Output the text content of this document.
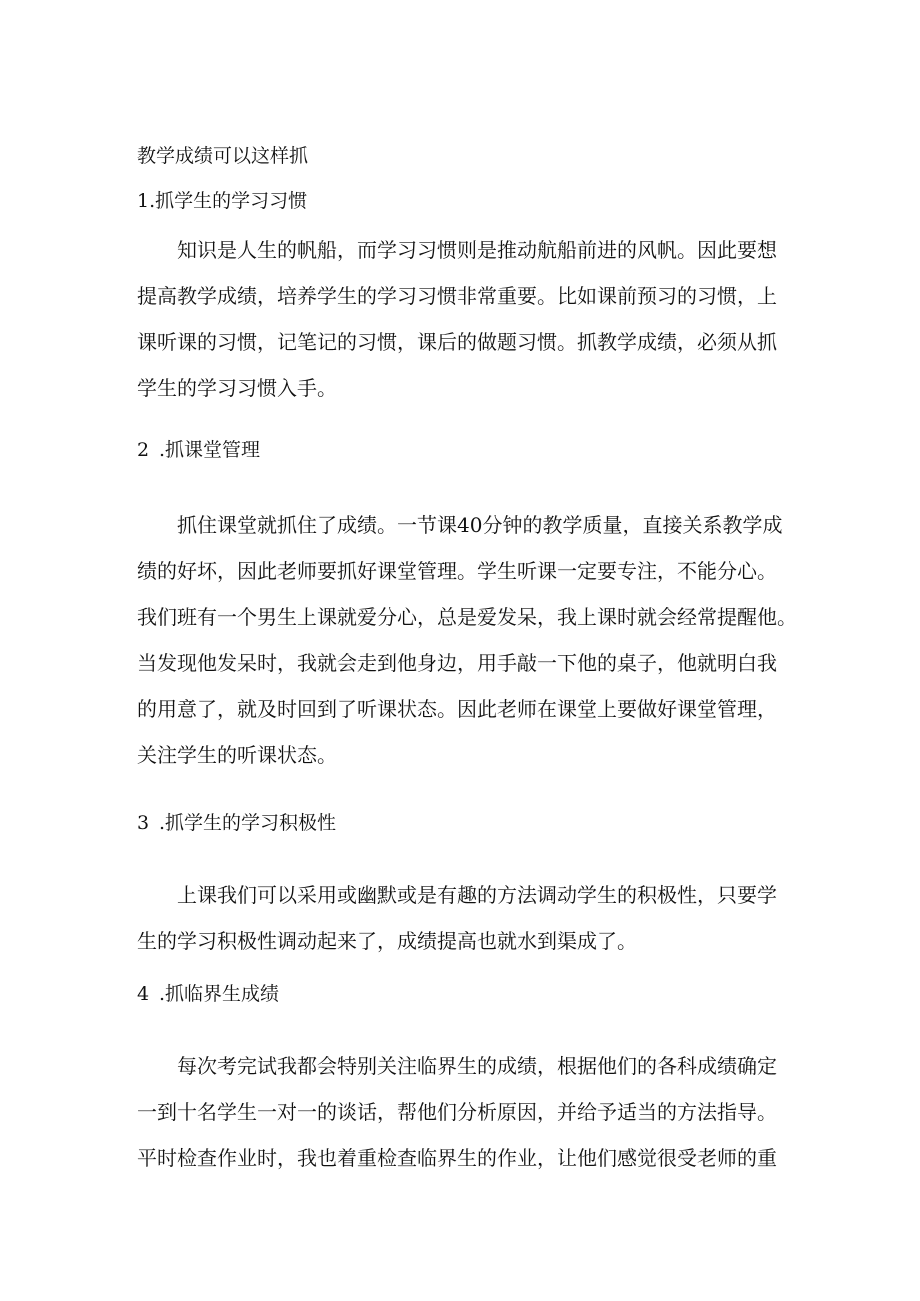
教学成绩可以这样抓

1.抓学生的学习习惯

知识是人生的帆船，而学习习惯则是推动航船前进的风帆。因此要想
提高教学成绩，培养学生的学习习惯非常重要。比如课前预习的习惯，上
课听课的习惯，记笔记的习惯，课后的做题习惯。抓教学成绩，必须从抓
学生的学习习惯入手。

2 .抓课堂管理

抓住课堂就抓住了成绩。一节课40分钟的教学质量，直接关系教学成
绩的好坏，因此老师要抓好课堂管理。学生听课一定要专注，不能分心。
我们班有一个男生上课就爱分心，总是爱发呆，我上课时就会经常提醒他。
当发现他发呆时，我就会走到他身边，用手敲一下他的桌子，他就明白我
的用意了，就及时回到了听课状态。因此老师在课堂上要做好课堂管理，
关注学生的听课状态。

3 .抓学生的学习积极性

上课我们可以采用或幽默或是有趣的方法调动学生的积极性，只要学
生的学习积极性调动起来了，成绩提高也就水到渠成了。

4 .抓临界生成绩

每次考完试我都会特别关注临界生的成绩，根据他们的各科成绩确定
一到十名学生一对一的谈话，帮他们分析原因，并给予适当的方法指导。
平时检查作业时，我也着重检查临界生的作业，让他们感觉很受老师的重
